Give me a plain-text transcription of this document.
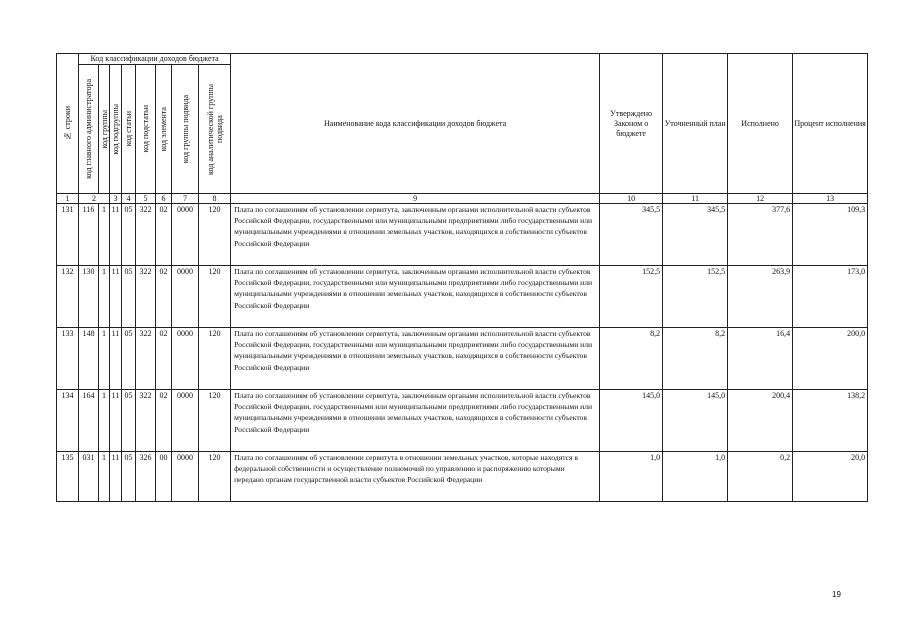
№ строки	Код классификации доходов бюджета								Наименование кода классификации доходов бюджета	Утверждено Законом о бюджете	Уточненный план	Исполнено	Процент исполнения

	код главного администратора	код группы	код подгруппы	код статьи	код подстатьи	код элемента	код группы подвида	код аналитической группы подвида					

1	2		3	4	5	6	7	8	9	10	11	12	13
131	116	1	11	05	322	02	0000	120	Плата по соглашениям об установлении сервитута, заключенным органами исполнительной власти субъектов Российской Федерации, государственными или муниципальными предприятиями либо государственными или муниципальными учреждениями в отношении земельных участков, находящихся в собственности субъектов Российской Федерации	345,5	345,5	377,6	109,3
132	130	1	11	05	322	02	0000	120	Плата по соглашениям об установлении сервитута, заключенным органами исполнительной власти субъектов Российской Федерации, государственными или муниципальными предприятиями либо государственными или муниципальными учреждениями в отношении земельных участков, находящихся в собственности субъектов Российской Федерации	152,5	152,5	263,9	173,0
133	148	1	11	05	322	02	0000	120	Плата по соглашениям об установлении сервитута, заключенным органами исполнительной власти субъектов Российской Федерации, государственными или муниципальными предприятиями либо государственными или муниципальными учреждениями в отношении земельных участков, находящихся в собственности субъектов Российской Федерации	8,2	8,2	16,4	200,0
134	164	1	11	05	322	02	0000	120	Плата по соглашениям об установлении сервитута, заключенным органами исполнительной власти субъектов Российской Федерации, государственными или муниципальными предприятиями либо государственными или муниципальными учреждениями в отношении земельных участков, находящихся в собственности субъектов Российской Федерации	145,0	145,0	200,4	138,2
135	031	1	11	05	326	00	0000	120	Плата по соглашениям об установлении сервитута в отношении земельных участков, которые находятся в федеральной собственности и осуществление полномочий по управлению и распоряжению которыми передано органам государственной власти субъектов Российской Федерации	1,0	1,0	0,2	20,0
19
